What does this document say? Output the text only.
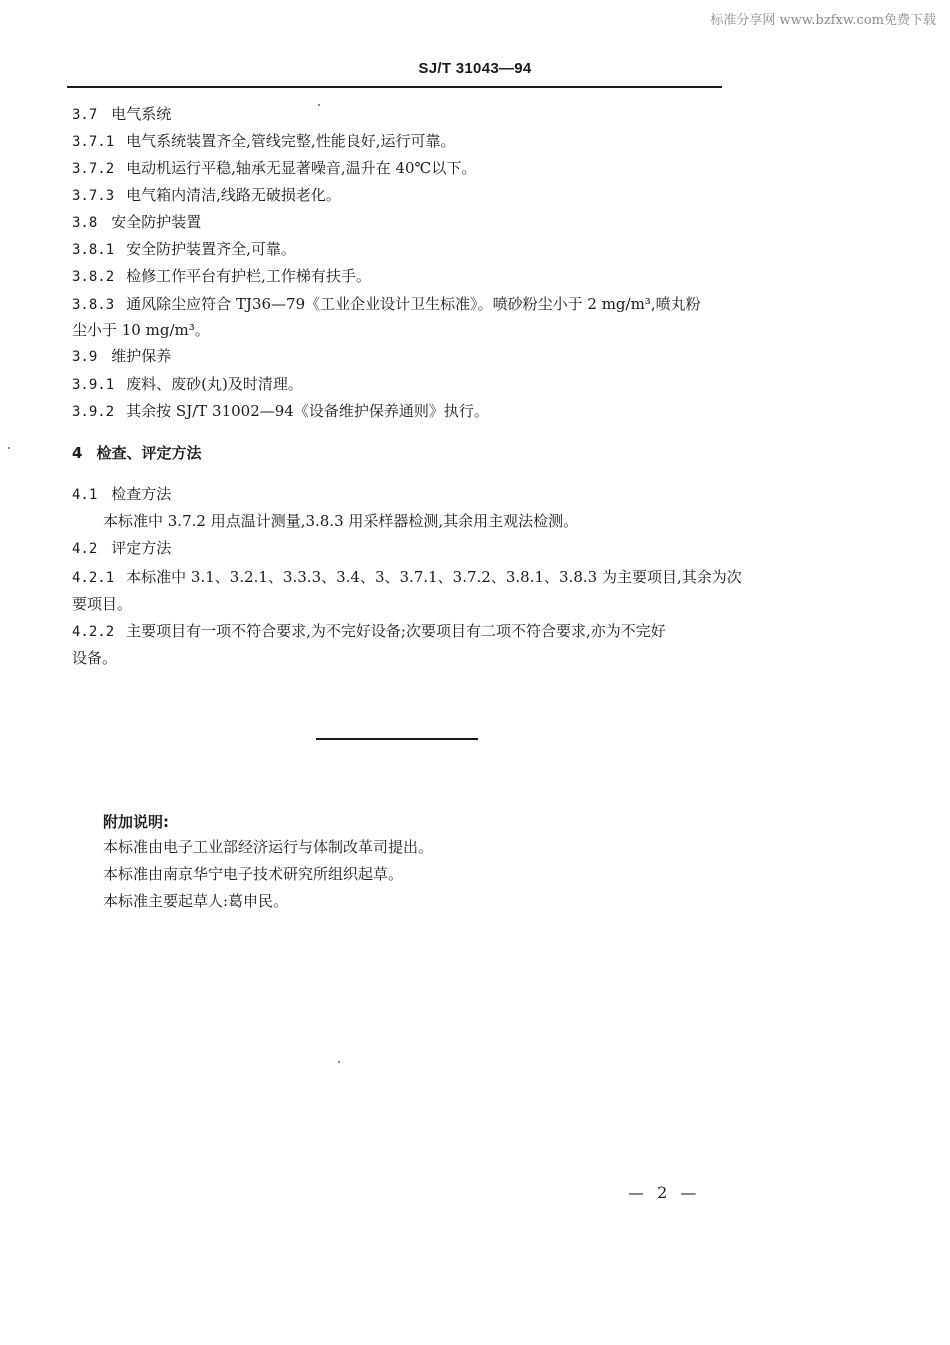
标准分享网 www.bzfxw.com免费下载
SJ/T 31043—94
3.7 电气系统
3.7.1 电气系统装置齐全,管线完整,性能良好,运行可靠。
3.7.2 电动机运行平稳,轴承无显著噪音,温升在 40℃以下。
3.7.3 电气箱内清洁,线路无破损老化。
3.8 安全防护装置
3.8.1 安全防护装置齐全,可靠。
3.8.2 检修工作平台有护栏,工作梯有扶手。
3.8.3 通风除尘应符合 TJ36—79《工业企业设计卫生标准》。喷砂粉尘小于 2 mg/m³,喷丸粉
尘小于 10 mg/m³。
3.9 维护保养
3.9.1 废料、废砂(丸)及时清理。
3.9.2 其余按 SJ/T 31002—94《设备维护保养通则》执行。
4 检查、评定方法
4.1 检查方法
本标准中 3.7.2 用点温计测量,3.8.3 用采样器检测,其余用主观法检测。
4.2 评定方法
4.2.1 本标准中 3.1、3.2.1、3.3.3、3.4、3、3.7.1、3.7.2、3.8.1、3.8.3 为主要项目,其余为次
要项目。
4.2.2 主要项目有一项不符合要求,为不完好设备;次要项目有二项不符合要求,亦为不完好
设备。
附加说明:
本标准由电子工业部经济运行与体制改革司提出。
本标准由南京华宁电子技术研究所组织起草。
本标准主要起草人:葛申民。
— 2 —
